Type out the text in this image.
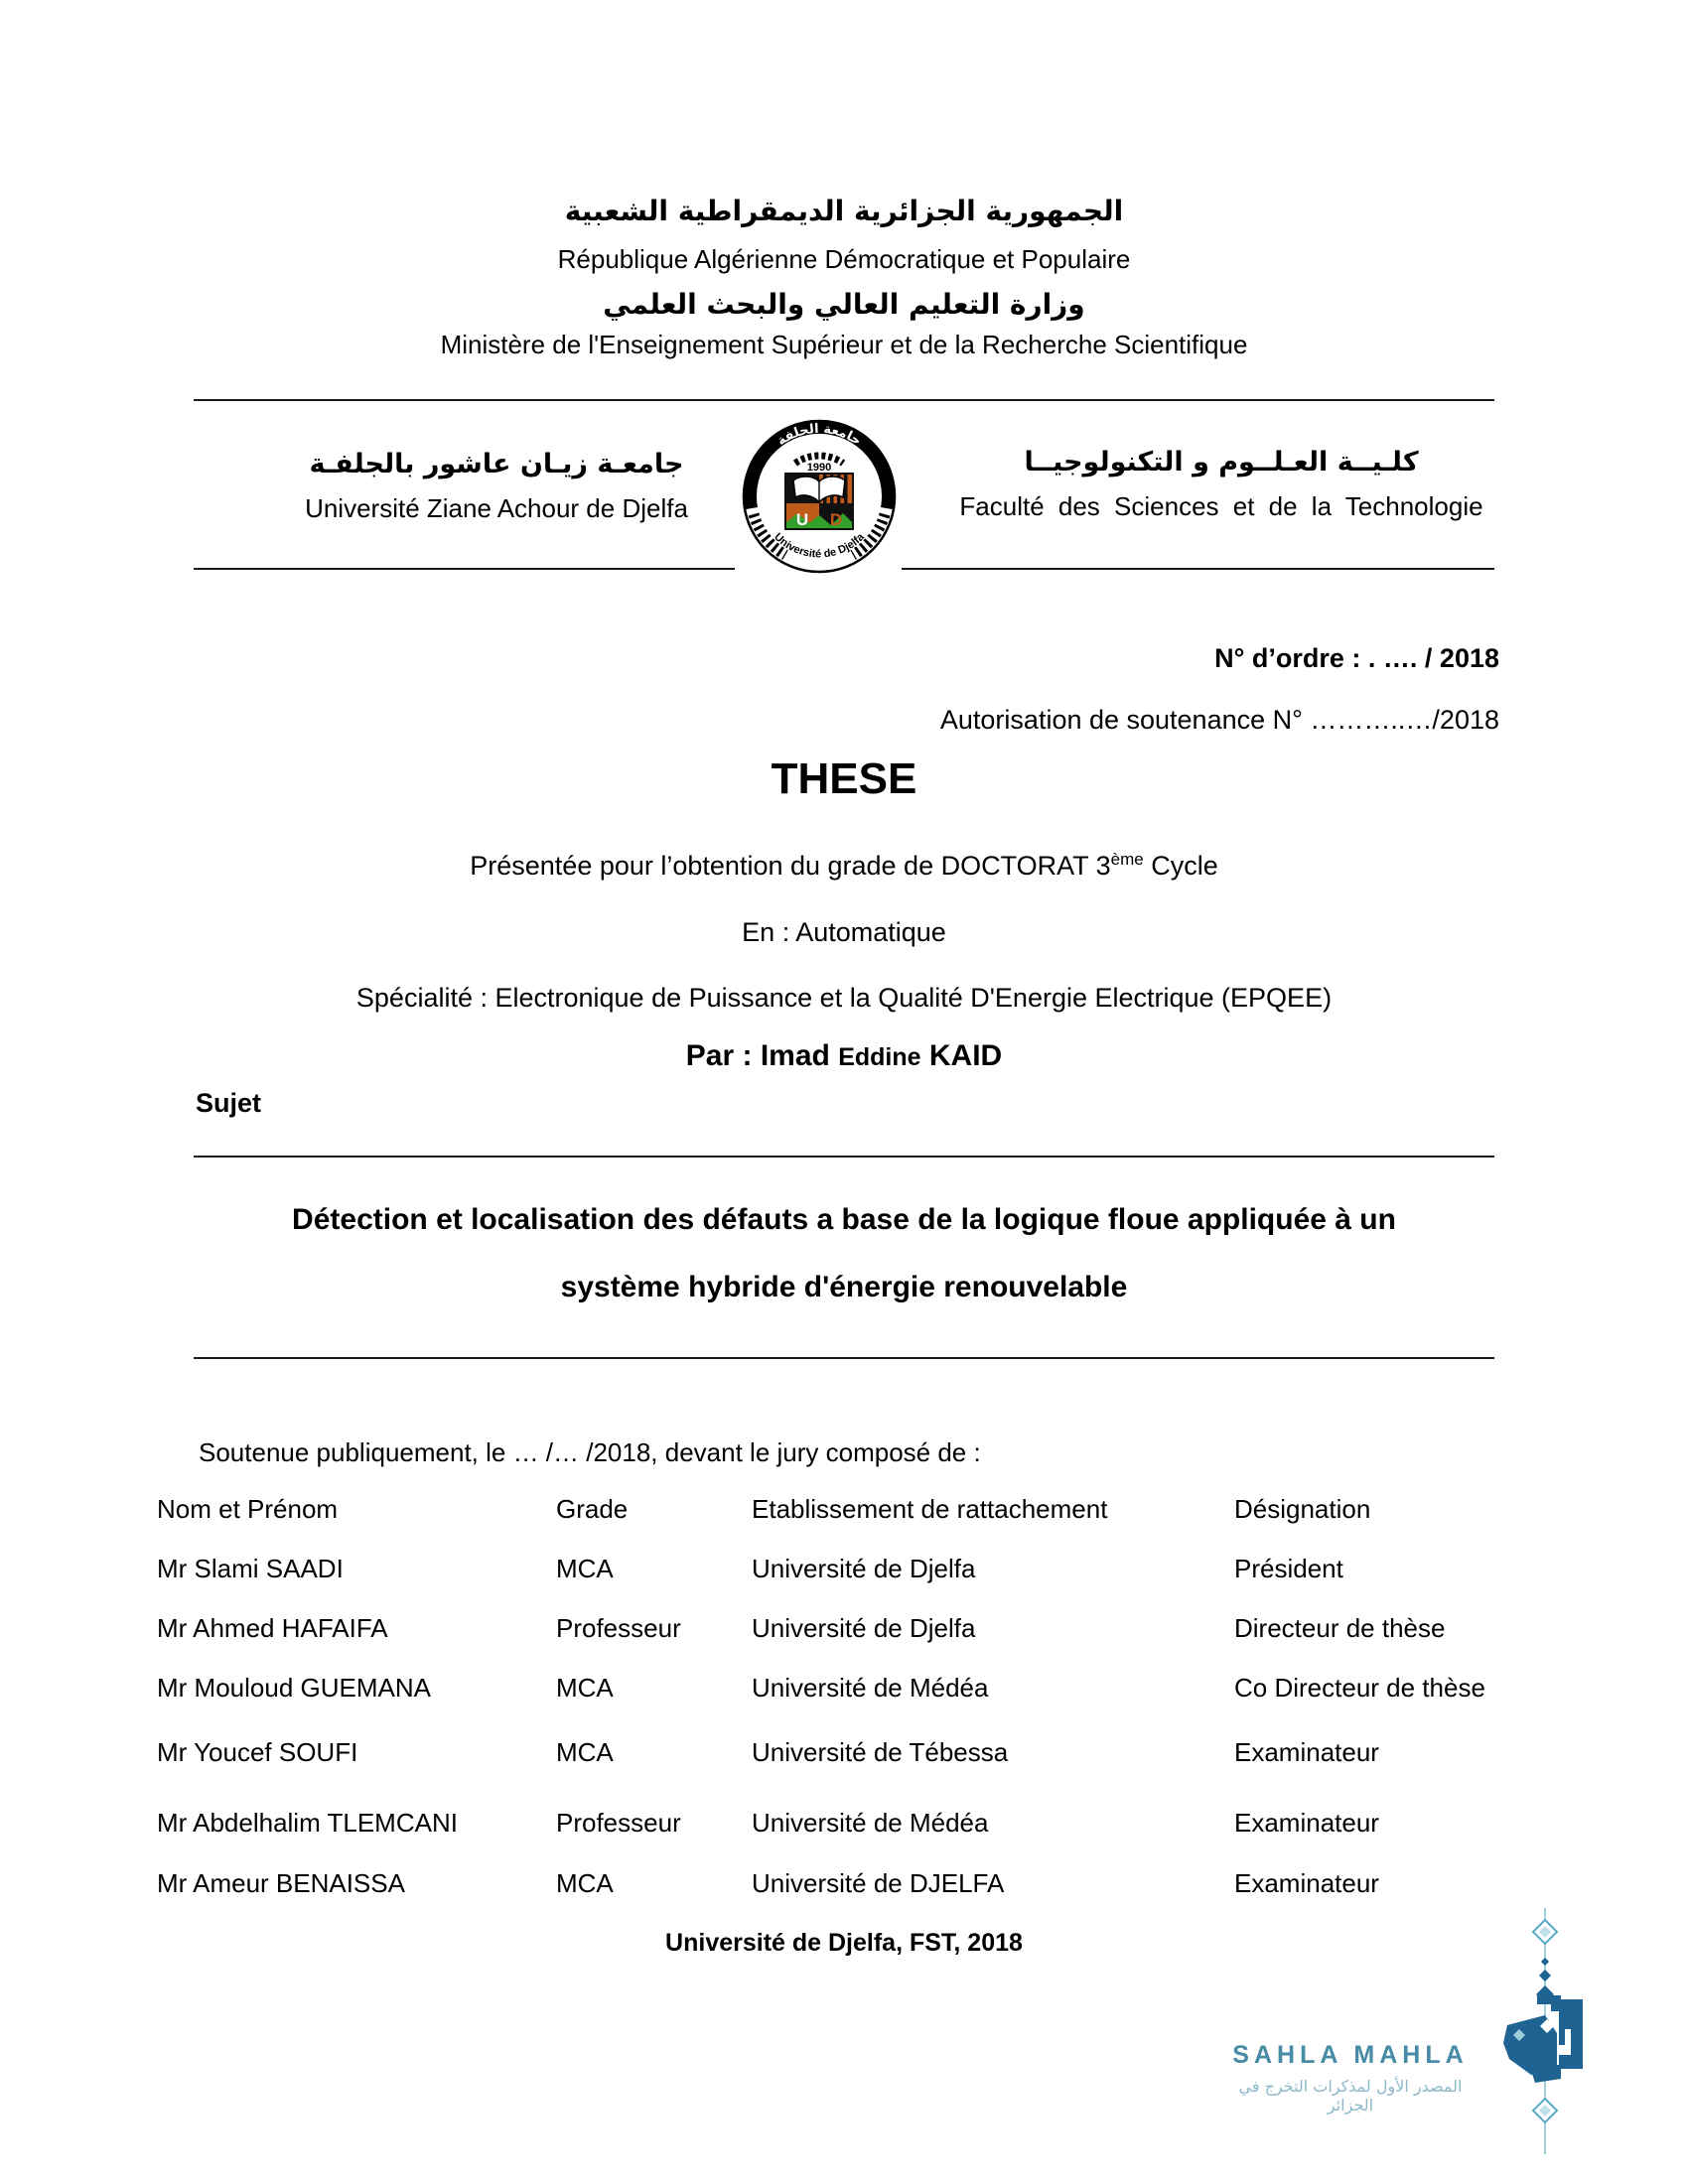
الجمهورية الجزائرية الديمقراطية الشعبية
République Algérienne Démocratique et Populaire
وزارة التعليم العالي والبحث العلمي
Ministère de l'Enseignement Supérieur et de la Recherche Scientifique
جامعـة زيـان عاشور بالجلفـة
Université Ziane Achour de Djelfa
كلـيــة العـلــوم و التكنولوجيــا
Faculté des Sciences et de la Technologie
جامعة الجلفة
1990
U D
Université de Djelfa
N° d’ordre : . …. / 2018
Autorisation de soutenance N° ………..…/2018
THESE
Présentée pour l’obtention du grade de DOCTORAT 3ème Cycle
En : Automatique
Spécialité : Electronique de Puissance et la Qualité D'Energie Electrique (EPQEE)
Par : Imad Eddine KAID
Sujet
Détection et localisation des défauts a base de la logique floue appliquée à un
système hybride d'énergie renouvelable
Soutenue publiquement, le … /… /2018, devant le jury composé de :
Nom et Prénom	Grade	Etablissement de rattachement	Désignation
Mr Slami SAADI	MCA	Université de Djelfa	Président
Mr Ahmed HAFAIFA	Professeur	Université de Djelfa	Directeur de thèse
Mr Mouloud GUEMANA	MCA	Université de Médéa	Co Directeur de thèse
Mr Youcef SOUFI	MCA	Université de Tébessa	Examinateur
Mr Abdelhalim TLEMCANI	Professeur	Université de Médéa	Examinateur
Mr Ameur BENAISSA	MCA	Université de DJELFA	Examinateur
Université de Djelfa, FST, 2018
SAHLA MAHLA
المصدر الأول لمذكرات التخرج في الجزائر
